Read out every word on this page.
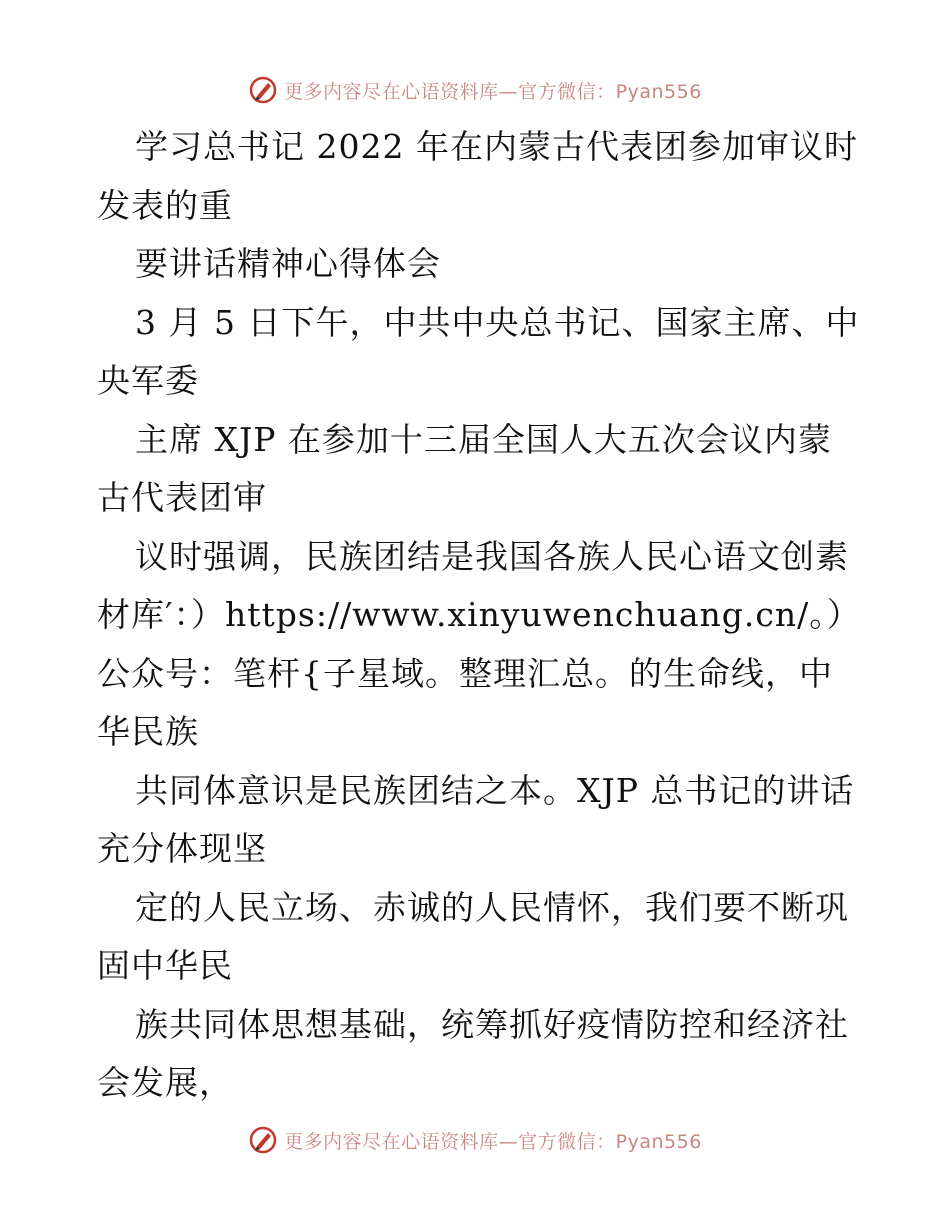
更多内容尽在心语资料库—官方微信：Pyan556
学习总书记 2022 年在内蒙古代表团参加审议时
发表的重
要讲话精神心得体会
3 月 5 日下午，中共中央总书记、国家主席、中
央军委
主席 XJP 在参加十三届全国人大五次会议内蒙
古代表团审
议时强调，民族团结是我国各族人民心语文创素
材库′：）https://www.xinyuwenchuang.cn/。）
公众号：笔杆{子星域。整理汇总。的生命线，中
华民族
共同体意识是民族团结之本。XJP 总书记的讲话
充分体现坚
定的人民立场、赤诚的人民情怀，我们要不断巩
固中华民
族共同体思想基础，统筹抓好疫情防控和经济社
会发展，
更多内容尽在心语资料库—官方微信：Pyan556
